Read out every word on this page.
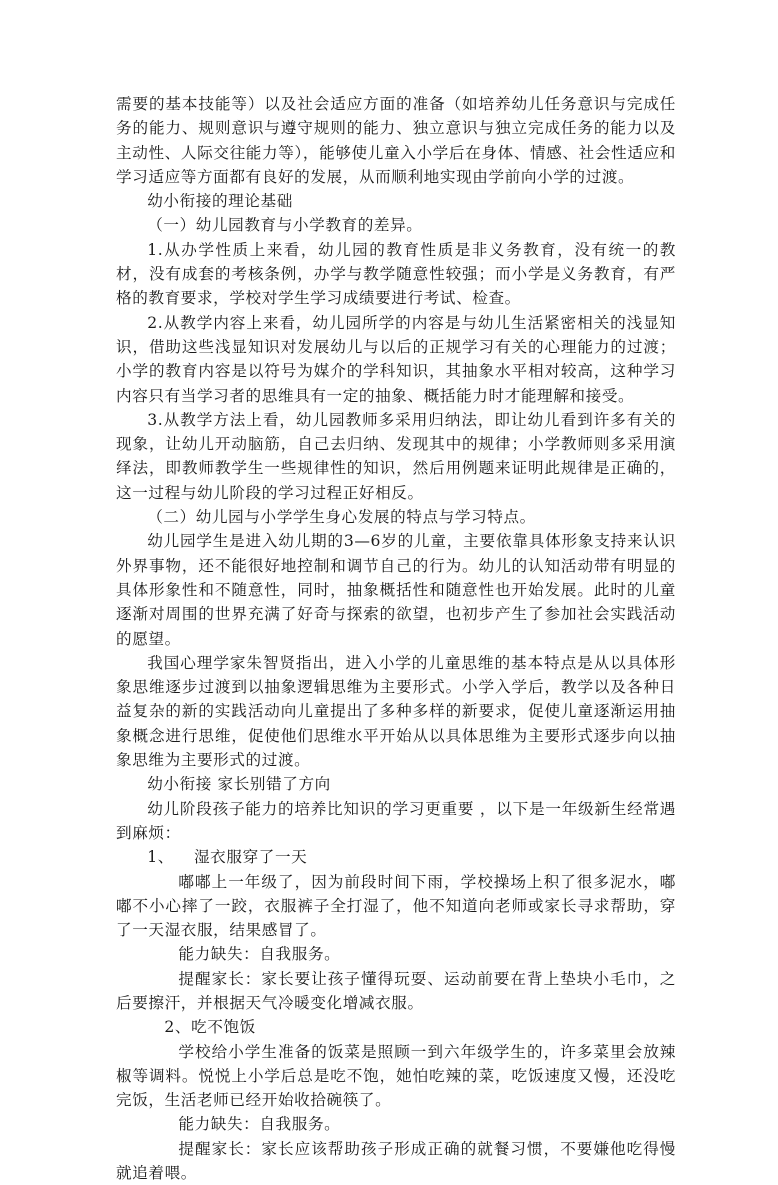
需要的基本技能等）以及社会适应方面的准备（如培养幼儿任务意识与完成任务的能力、规则意识与遵守规则的能力、独立意识与独立完成任务的能力以及主动性、人际交往能力等），能够使儿童入小学后在身体、情感、社会性适应和学习适应等方面都有良好的发展，从而顺利地实现由学前向小学的过渡。

幼小衔接的理论基础

（一）幼儿园教育与小学教育的差异。

1.从办学性质上来看，幼儿园的教育性质是非义务教育，没有统一的教材，没有成套的考核条例，办学与教学随意性较强；而小学是义务教育，有严格的教育要求，学校对学生学习成绩要进行考试、检查。

2.从教学内容上来看，幼儿园所学的内容是与幼儿生活紧密相关的浅显知识，借助这些浅显知识对发展幼儿与以后的正规学习有关的心理能力的过渡；小学的教育内容是以符号为媒介的学科知识，其抽象水平相对较高，这种学习内容只有当学习者的思维具有一定的抽象、概括能力时才能理解和接受。

3.从教学方法上看，幼儿园教师多采用归纳法，即让幼儿看到许多有关的现象，让幼儿开动脑筋，自己去归纳、发现其中的规律；小学教师则多采用演绎法，即教师教学生一些规律性的知识，然后用例题来证明此规律是正确的，这一过程与幼儿阶段的学习过程正好相反。

（二）幼儿园与小学学生身心发展的特点与学习特点。

幼儿园学生是进入幼儿期的3—6岁的儿童，主要依靠具体形象支持来认识外界事物，还不能很好地控制和调节自己的行为。幼儿的认知活动带有明显的具体形象性和不随意性，同时，抽象概括性和随意性也开始发展。此时的儿童逐渐对周围的世界充满了好奇与探索的欲望，也初步产生了参加社会实践活动的愿望。

我国心理学家朱智贤指出，进入小学的儿童思维的基本特点是从以具体形象思维逐步过渡到以抽象逻辑思维为主要形式。小学入学后，教学以及各种日益复杂的新的实践活动向儿童提出了多种多样的新要求，促使儿童逐渐运用抽象概念进行思维，促使他们思维水平开始从以具体思维为主要形式逐步向以抽象思维为主要形式的过渡。

幼小衔接 家长别错了方向

幼儿阶段孩子能力的培养比知识的学习更重要 ，以下是一年级新生经常遇到麻烦：

1、 湿衣服穿了一天

嘟嘟上一年级了，因为前段时间下雨，学校操场上积了很多泥水，嘟嘟不小心摔了一跤，衣服裤子全打湿了，他不知道向老师或家长寻求帮助，穿了一天湿衣服，结果感冒了。

能力缺失：自我服务。

提醒家长：家长要让孩子懂得玩耍、运动前要在背上垫块小毛巾，之后要擦汗，并根据天气冷暖变化增减衣服。

2、吃不饱饭

学校给小学生准备的饭菜是照顾一到六年级学生的，许多菜里会放辣椒等调料。悦悦上小学后总是吃不饱，她怕吃辣的菜，吃饭速度又慢，还没吃完饭，生活老师已经开始收拾碗筷了。

能力缺失：自我服务。

提醒家长：家长应该帮助孩子形成正确的就餐习惯，不要嫌他吃得慢就追着喂。
